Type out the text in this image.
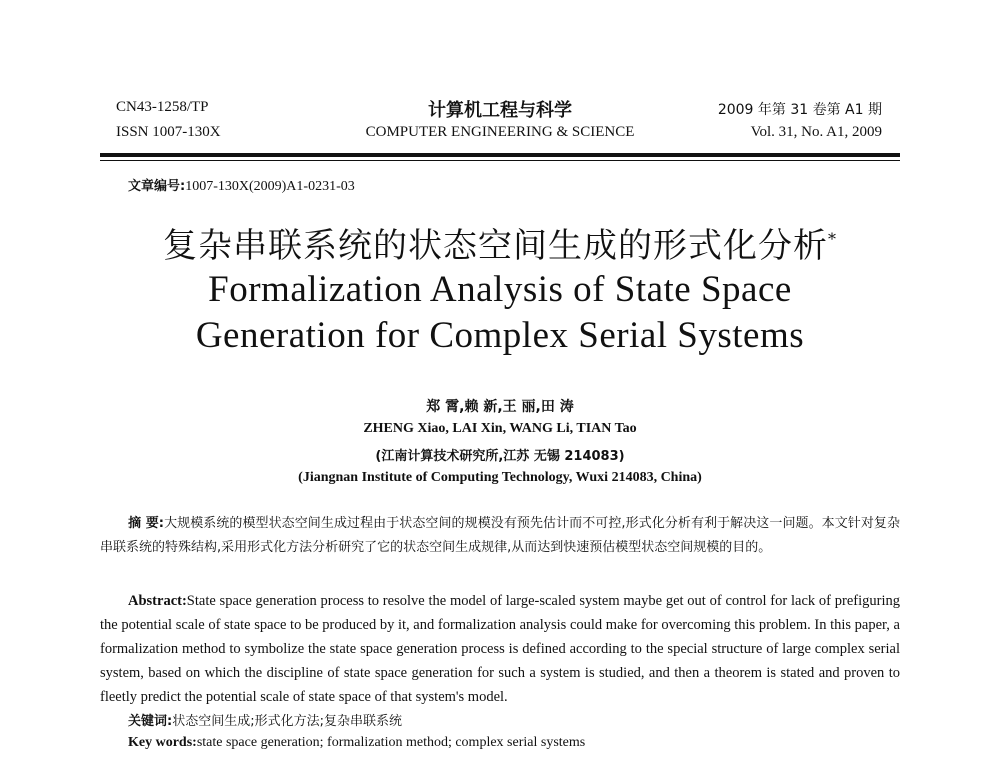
CN43-1258/TP
ISSN 1007-130X
计算机工程与科学
COMPUTER ENGINEERING & SCIENCE
2009 年第 31 卷第 A1 期
Vol. 31, No. A1, 2009
文章编号:1007-130X(2009)A1-0231-03
复杂串联系统的状态空间生成的形式化分析*
Formalization Analysis of State Space
Generation for Complex Serial Systems
郑 霄,赖 新,王 丽,田 涛
ZHENG Xiao, LAI Xin, WANG Li, TIAN Tao
(江南计算技术研究所,江苏 无锡 214083)
(Jiangnan Institute of Computing Technology, Wuxi 214083, China)
摘 要:大规模系统的模型状态空间生成过程由于状态空间的规模没有预先估计而不可控,形式化分析有利于解决这一问题。本文针对复杂串联系统的特殊结构,采用形式化方法分析研究了它的状态空间生成规律,从而达到快速预估模型状态空间规模的目的。
Abstract:State space generation process to resolve the model of large-scaled system maybe get out of control for lack of prefiguring the potential scale of state space to be produced by it, and formalization analysis could make for overcoming this problem. In this paper, a formalization method to symbolize the state space generation process is defined according to the special structure of large complex serial system, based on which the discipline of state space generation for such a system is studied, and then a theorem is stated and proven to fleetly predict the potential scale of state space of that system's model.
关键词:状态空间生成;形式化方法;复杂串联系统
Key words:state space generation; formalization method; complex serial systems
